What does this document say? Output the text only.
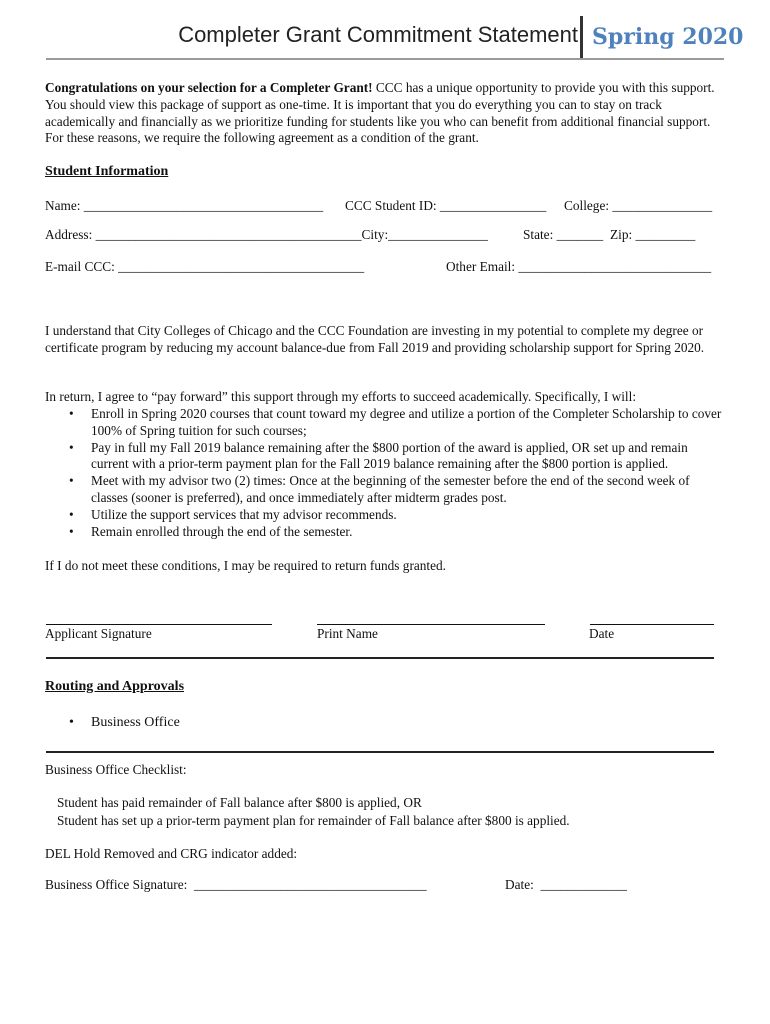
Completer Grant Commitment Statement Spring 2020
Congratulations on your selection for a Completer Grant! CCC has a unique opportunity to provide you with this support. You should view this package of support as one-time. It is important that you do everything you can to stay on track academically and financially as we prioritize funding for students like you who can benefit from additional financial support. For these reasons, we require the following agreement as a condition of the grant.
Student Information
Name: ____________________________________ CCC Student ID: ________________ College: _______________
Address: ________________________________________City:_______________	State: _______ Zip: _________
E-mail CCC: _____________________________________	Other Email: _____________________________
I understand that City Colleges of Chicago and the CCC Foundation are investing in my potential to complete my degree or certificate program by reducing my account balance-due from Fall 2019 and providing scholarship support for Spring 2020.
In return, I agree to “pay forward” this support through my efforts to succeed academically. Specifically, I will:
• Enroll in Spring 2020 courses that count toward my degree and utilize a portion of the Completer Scholarship to cover 100% of Spring tuition for such courses;
• Pay in full my Fall 2019 balance remaining after the $800 portion of the award is applied, OR set up and remain current with a prior-term payment plan for the Fall 2019 balance remaining after the $800 portion is applied.
• Meet with my advisor two (2) times: Once at the beginning of the semester before the end of the second week of classes (sooner is preferred), and once immediately after midterm grades post.
• Utilize the support services that my advisor recommends.
• Remain enrolled through the end of the semester.
If I do not meet these conditions, I may be required to return funds granted.
Applicant Signature	Print Name	Date
Routing and Approvals
• Business Office
Business Office Checklist:
Student has paid remainder of Fall balance after $800 is applied, OR
Student has set up a prior-term payment plan for remainder of Fall balance after $800 is applied.
DEL Hold Removed and CRG indicator added:
Business Office Signature:  ___________________________________	Date:  _____________
